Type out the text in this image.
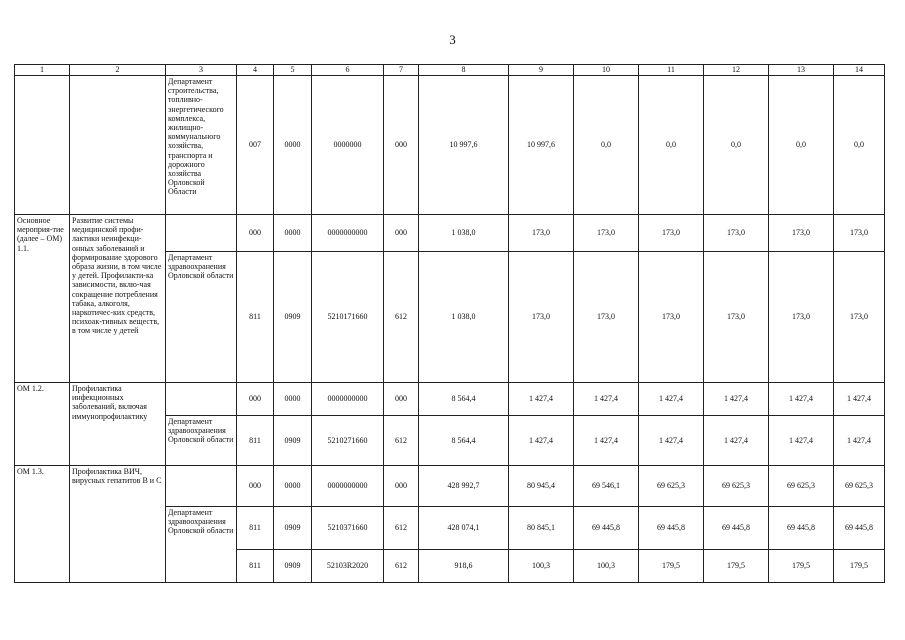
3
1	2	3	4	5	6	7	8	9	10	11	12	13	14
		Департамент строительства, топливно-энергетического комплекса, жилищно-коммунального хозяйства, транспорта и дорожного хозяйства Орловской Области	007	0000	0000000	000	10 997,6	10 997,6	0,0	0,0	0,0	0,0	0,0
Основное мероприя-тие (далее – ОМ) 1.1.	Развитие системы медицинской профи-лактики неинфекци-онных заболеваний и формирование здорового образа жизни, в том числе у детей. Профилакти-ка зависимости, вклю-чая сокращение потребления табака, алкоголя, наркотичес-ких средств, психоак-тивных веществ, в том числе у детей		000	0000	0000000000	000	1 038,0	173,0	173,0	173,0	173,0	173,0	173,0
		Департамент здравоохранения Орловской области	811	0909	5210171660	612	1 038,0	173,0	173,0	173,0	173,0	173,0	173,0
ОМ 1.2.	Профилактика инфекционных заболеваний, включая иммунопрофилактику		000	0000	0000000000	000	8 564,4	1 427,4	1 427,4	1 427,4	1 427,4	1 427,4	1 427,4
		Департамент здравоохранения Орловской области	811	0909	5210271660	612	8 564,4	1 427,4	1 427,4	1 427,4	1 427,4	1 427,4	1 427,4
ОМ 1.3.	Профилактика ВИЧ, вирусных гепатитов В и С		000	0000	0000000000	000	428 992,7	80 945,4	69 546,1	69 625,3	69 625,3	69 625,3	69 625,3
		Департамент здравоохранения Орловской области	811	0909	5210371660	612	428 074,1	80 845,1	69 445,8	69 445,8	69 445,8	69 445,8	69 445,8
			811	0909	52103R2020	612	918,6	100,3	100,3	179,5	179,5	179,5	179,5
